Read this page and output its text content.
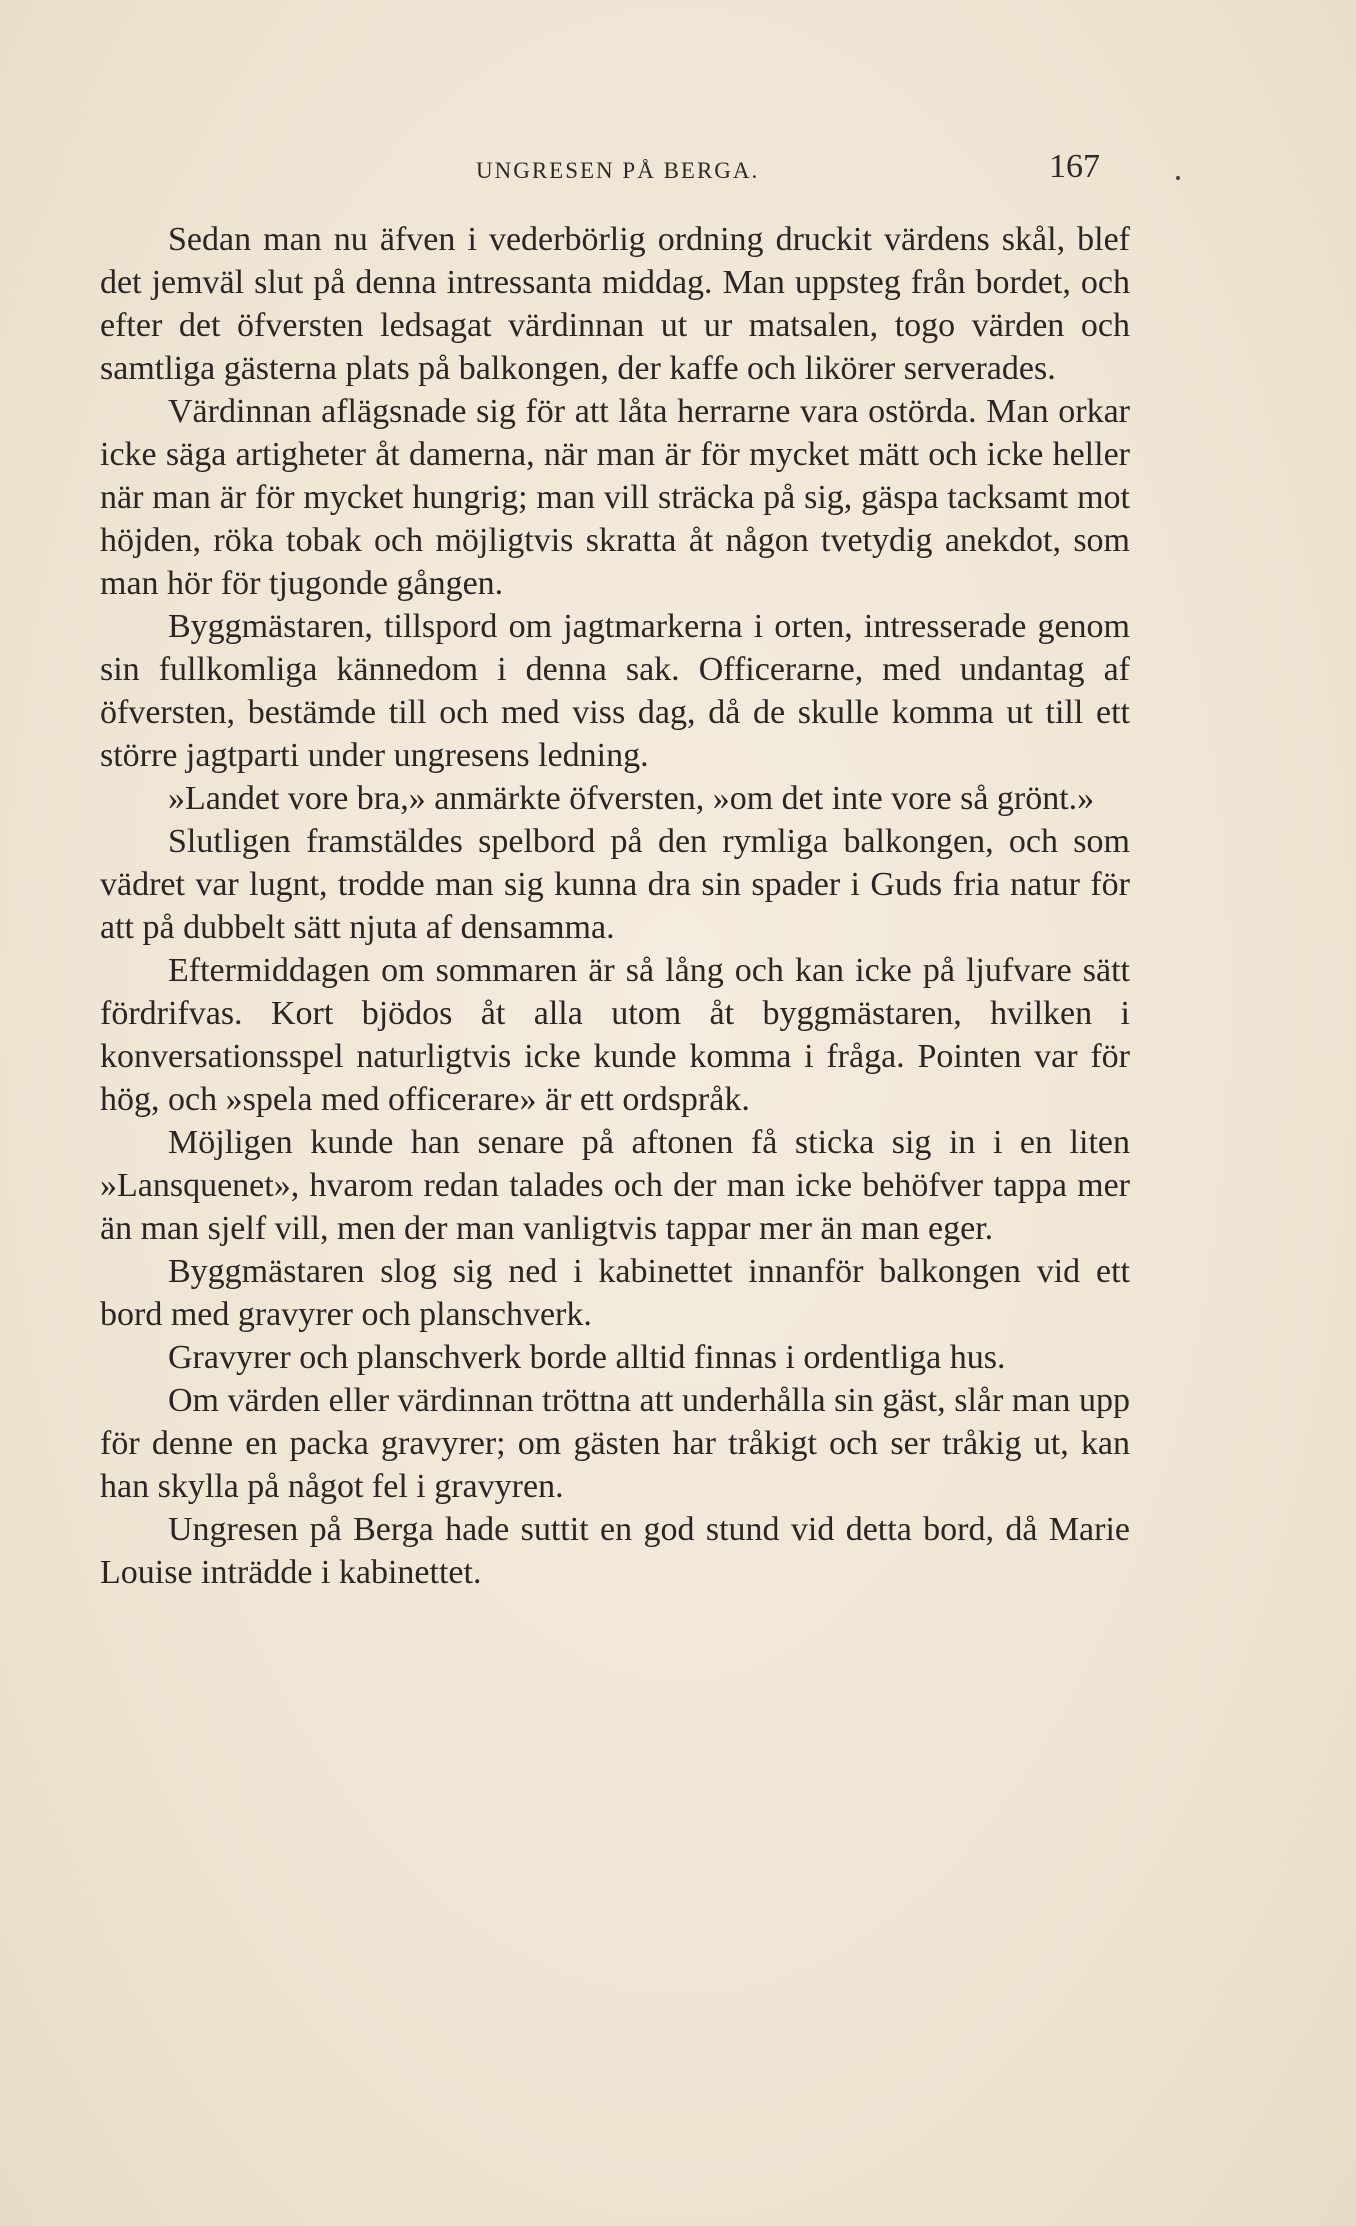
UNGRESEN PÅ BERGA.	167

Sedan man nu äfven i vederbörlig ordning druckit värdens skål, blef det jemväl slut på denna intressanta middag. Man uppsteg från bordet, och efter det öfversten ledsagat värdinnan ut ur matsalen, togo värden och samtliga gästerna plats på balkongen, der kaffe och likörer serverades.

Värdinnan aflägsnade sig för att låta herrarne vara ostörda. Man orkar icke säga artigheter åt damerna, när man är för mycket mätt och icke heller när man är för mycket hungrig; man vill sträcka på sig, gäspa tacksamt mot höjden, röka tobak och möjligtvis skratta åt någon tvetydig anekdot, som man hör för tjugonde gången.

Byggmästaren, tillspord om jagtmarkerna i orten, intresserade genom sin fullkomliga kännedom i denna sak. Officerarne, med undantag af öfversten, bestämde till och med viss dag, då de skulle komma ut till ett större jagtparti under ungresens ledning.

»Landet vore bra,» anmärkte öfversten, »om det inte vore så grönt.»

Slutligen framstäldes spelbord på den rymliga balkongen, och som vädret var lugnt, trodde man sig kunna dra sin spader i Guds fria natur för att på dubbelt sätt njuta af densamma.

Eftermiddagen om sommaren är så lång och kan icke på ljufvare sätt fördrifvas. Kort bjödos åt alla utom åt byggmästaren, hvilken i konversationsspel naturligtvis icke kunde komma i fråga. Pointen var för hög, och »spela med officerare» är ett ordspråk.

Möjligen kunde han senare på aftonen få sticka sig in i en liten »Lansquenet», hvarom redan talades och der man icke behöfver tappa mer än man sjelf vill, men der man vanligtvis tappar mer än man eger.

Byggmästaren slog sig ned i kabinettet innanför balkongen vid ett bord med gravyrer och planschverk.

Gravyrer och planschverk borde alltid finnas i ordentliga hus.

Om värden eller värdinnan tröttna att underhålla sin gäst, slår man upp för denne en packa gravyrer; om gästen har tråkigt och ser tråkig ut, kan han skylla på något fel i gravyren.

Ungresen på Berga hade suttit en god stund vid detta bord, då Marie Louise inträdde i kabinettet.
